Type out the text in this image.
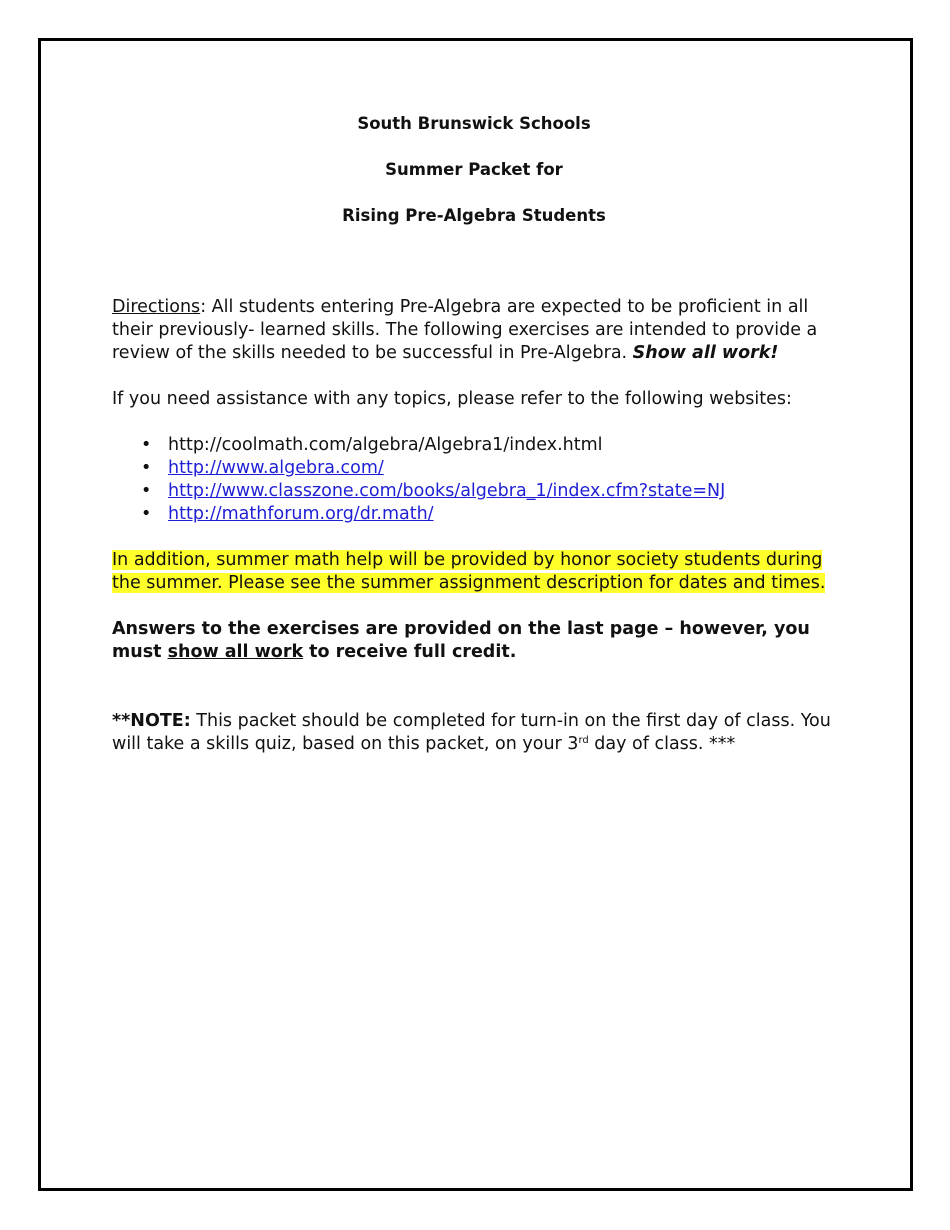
South Brunswick Schools

Summer Packet for

Rising Pre-Algebra Students

Directions: All students entering Pre-Algebra are expected to be proficient in all their previously- learned skills. The following exercises are intended to provide a review of the skills needed to be successful in Pre-Algebra. Show all work!

If you need assistance with any topics, please refer to the following websites:

• http://coolmath.com/algebra/Algebra1/index.html
• http://www.algebra.com/
• http://www.classzone.com/books/algebra_1/index.cfm?state=NJ
• http://mathforum.org/dr.math/

In addition, summer math help will be provided by honor society students during the summer. Please see the summer assignment description for dates and times.

Answers to the exercises are provided on the last page – however, you must show all work to receive full credit.

**NOTE: This packet should be completed for turn-in on the first day of class. You will take a skills quiz, based on this packet, on your 3rd day of class. ***
